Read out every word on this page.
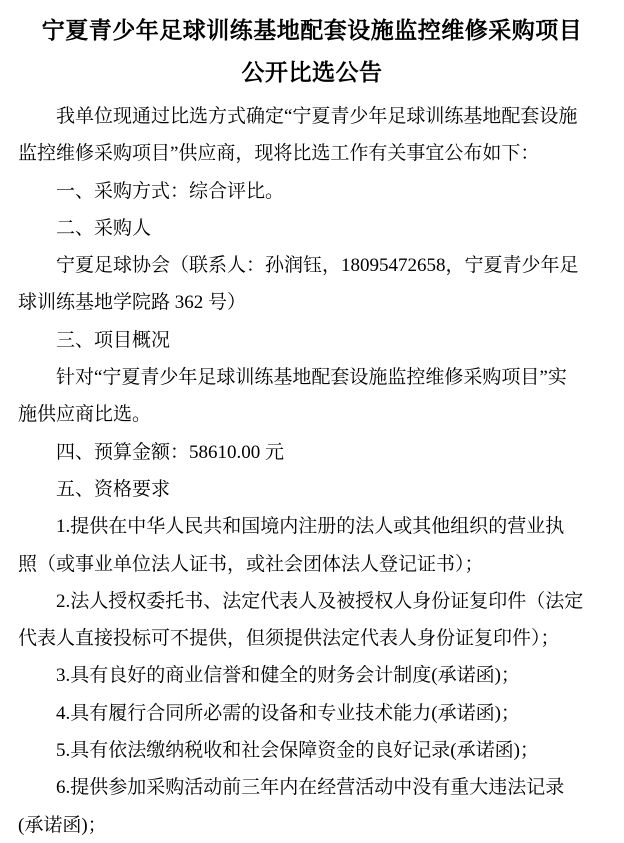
宁夏青少年足球训练基地配套设施监控维修采购项目
公开比选公告
我单位现通过比选方式确定“宁夏青少年足球训练基地配套设施
监控维修采购项目”供应商，现将比选工作有关事宜公布如下：
一、采购方式：综合评比。
二、采购人
宁夏足球协会（联系人：孙润钰，18095472658，宁夏青少年足
球训练基地学院路 362 号）
三、项目概况
针对“宁夏青少年足球训练基地配套设施监控维修采购项目”实
施供应商比选。
四、预算金额：58610.00 元
五、资格要求
1.提供在中华人民共和国境内注册的法人或其他组织的营业执
照（或事业单位法人证书，或社会团体法人登记证书）；
2.法人授权委托书、法定代表人及被授权人身份证复印件（法定
代表人直接投标可不提供，但须提供法定代表人身份证复印件）；
3.具有良好的商业信誉和健全的财务会计制度(承诺函)；
4.具有履行合同所必需的设备和专业技术能力(承诺函)；
5.具有依法缴纳税收和社会保障资金的良好记录(承诺函)；
6.提供参加采购活动前三年内在经营活动中没有重大违法记录
(承诺函)；
